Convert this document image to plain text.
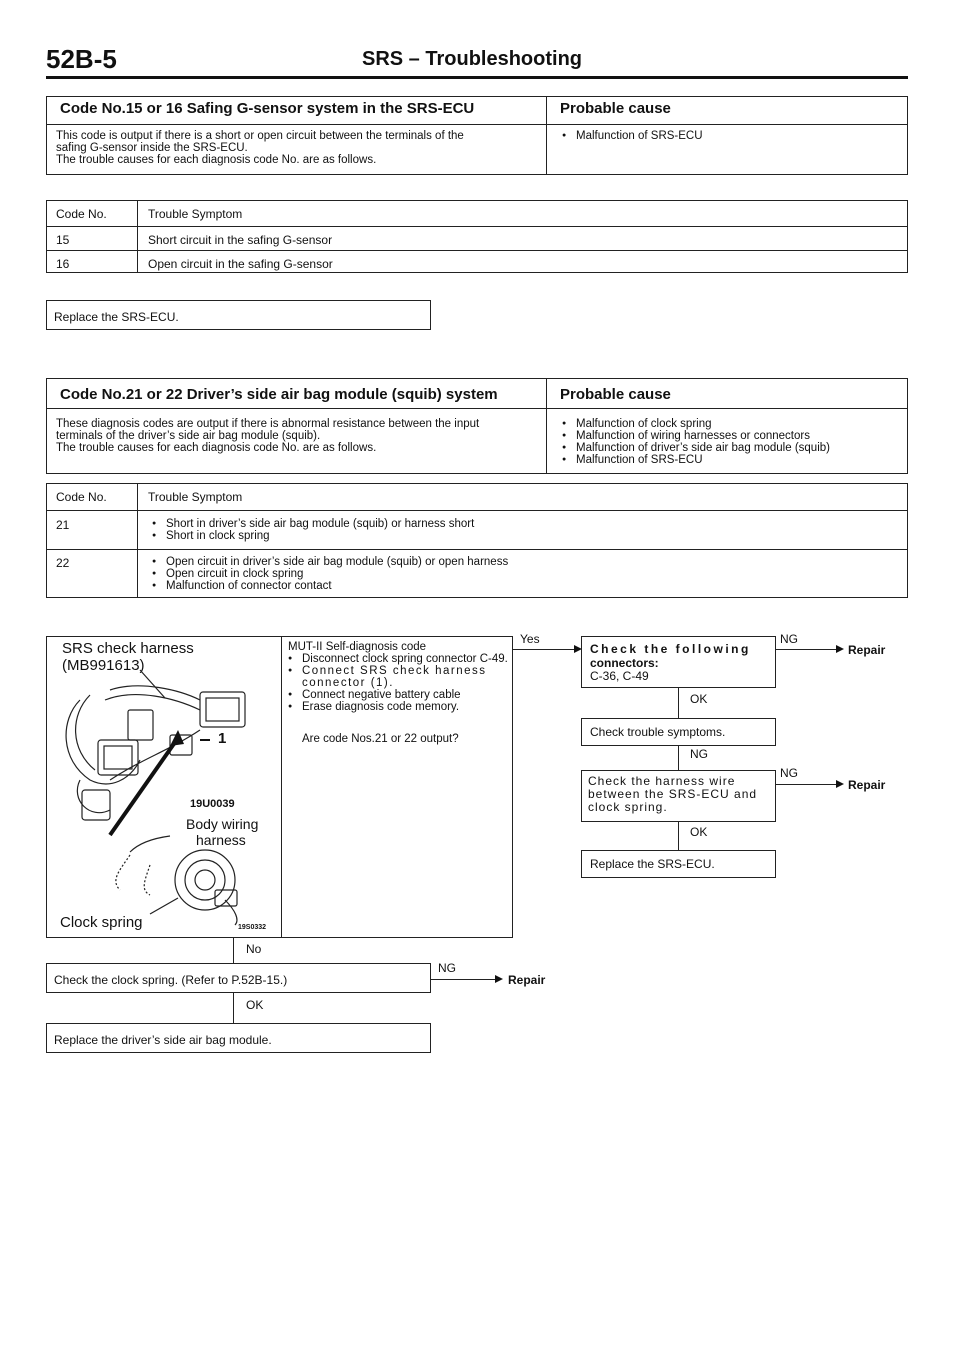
52B-5	SRS – Troubleshooting
Code No.15 or 16 Safing G-sensor system in the SRS-ECU	Probable cause
This code is output if there is a short or open circuit between the terminals of the
safing G-sensor inside the SRS-ECU.
The trouble causes for each diagnosis code No. are as follows.
● Malfunction of SRS-ECU
Code No.	Trouble Symptom
15	Short circuit in the safing G-sensor
16	Open circuit in the safing G-sensor
Replace the SRS-ECU.
Code No.21 or 22 Driver’s side air bag module (squib) system	Probable cause
These diagnosis codes are output if there is abnormal resistance between the input
terminals of the driver’s side air bag module (squib).
The trouble causes for each diagnosis code No. are as follows.
● Malfunction of clock spring
● Malfunction of wiring harnesses or connectors
● Malfunction of driver’s side air bag module (squib)
● Malfunction of SRS-ECU
Code No.	Trouble Symptom
21	● Short in driver’s side air bag module (squib) or harness short
● Short in clock spring
22	● Open circuit in driver’s side air bag module (squib) or open harness
● Open circuit in clock spring
● Malfunction of connector contact
SRS check harness
(MB991613)
1
19U0039
Body wiring
harness
Clock spring	19S0332
MUT-II Self-diagnosis code
● Disconnect clock spring connector C-49.
● Connect SRS check harness connector (1).
● Connect negative battery cable
● Erase diagnosis code memory.
Are code Nos.21 or 22 output?
Yes
Check the following
connectors:
C-36, C-49
NG
Repair
OK
Check trouble symptoms.
NG
Check the harness wire between the SRS-ECU and clock spring.
NG
Repair
OK
Replace the SRS-ECU.
No
Check the clock spring. (Refer to P.52B-15.)
NG
Repair
OK
Replace the driver’s side air bag module.
